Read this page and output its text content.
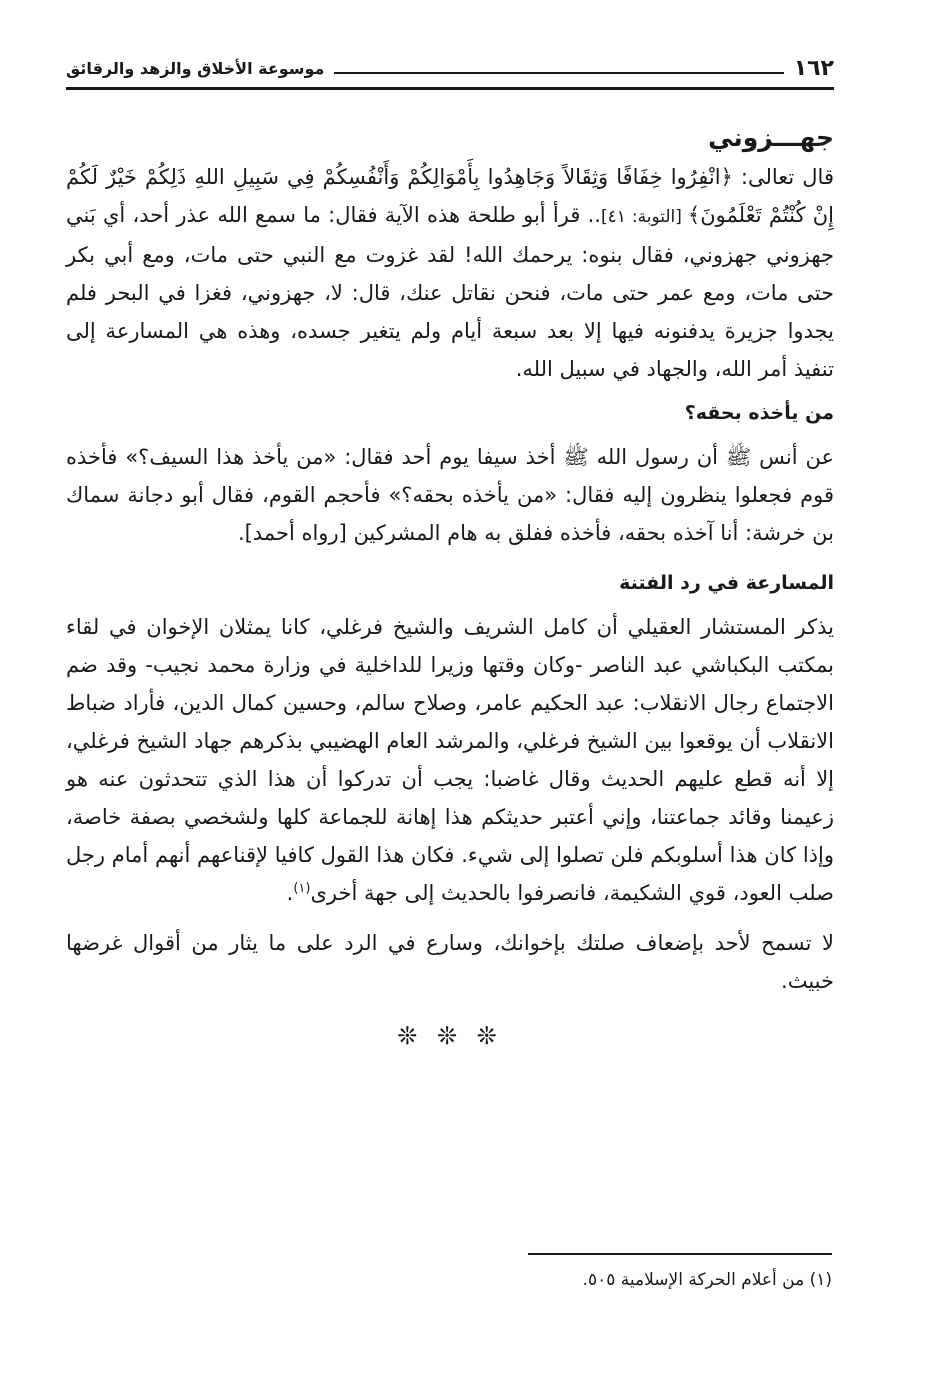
١٦٢
موسوعة الأخلاق والزهد والرقائق
جهـــزوني

قال تعالى: ﴿انْفِرُوا خِفَافًا وَثِقَالاً وَجَاهِدُوا بِأَمْوَالِكُمْ وَأَنْفُسِكُمْ فِي سَبِيلِ اللهِ ذَلِكُمْ خَيْرٌ لَكُمْ إِنْ كُنْتُمْ تَعْلَمُونَ﴾ [التوبة: ٤١].. قرأ أبو طلحة هذه الآية فقال: ما سمع الله عذر أحد، أي بَني جهزوني جهزوني، فقال بنوه: يرحمك الله! لقد غزوت مع النبي حتى مات، ومع أبي بكر حتى مات، ومع عمر حتى مات، فنحن نقاتل عنك، قال: لا، جهزوني، فغزا في البحر فلم يجدوا جزيرة يدفنونه فيها إلا بعد سبعة أيام ولم يتغير جسده، وهذه هي المسارعة إلى تنفيذ أمر الله، والجهاد في سبيل الله.

من يأخذه بحقه؟

عن أنس ﷺ أن رسول الله ﷺ أخذ سيفا يوم أحد فقال: «من يأخذ هذا السيف؟» فأخذه قوم فجعلوا ينظرون إليه فقال: «من يأخذه بحقه؟» فأحجم القوم، فقال أبو دجانة سماك بن خرشة: أنا آخذه بحقه، فأخذه ففلق به هام المشركين [رواه أحمد].

المسارعة في رد الفتنة

يذكر المستشار العقيلي أن كامل الشريف والشيخ فرغلي، كانا يمثلان الإخوان في لقاء بمكتب البكباشي عبد الناصر -وكان وقتها وزيرا للداخلية في وزارة محمد نجيب- وقد ضم الاجتماع رجال الانقلاب: عبد الحكيم عامر، وصلاح سالم، وحسين كمال الدين، فأراد ضباط الانقلاب أن يوقعوا بين الشيخ فرغلي، والمرشد العام الهضيبي بذكرهم جهاد الشيخ فرغلي، إلا أنه قطع عليهم الحديث وقال غاضبا: يجب أن تدركوا أن هذا الذي تتحدثون عنه هو زعيمنا وقائد جماعتنا، وإني أعتبر حديثكم هذا إهانة للجماعة كلها ولشخصي بصفة خاصة، وإذا كان هذا أسلوبكم فلن تصلوا إلى شيء. فكان هذا القول كافيا لإقناعهم أنهم أمام رجل صلب العود، قوي الشكيمة، فانصرفوا بالحديث إلى جهة أخرى$^{(١)}$.

لا تسمح لأحد بإضعاف صلتك بإخوانك، وسارع في الرد على ما يثار من أقوال غرضها خبيث.

❊ ❊ ❊
(١) من أعلام الحركة الإسلامية ٥٠٥.
